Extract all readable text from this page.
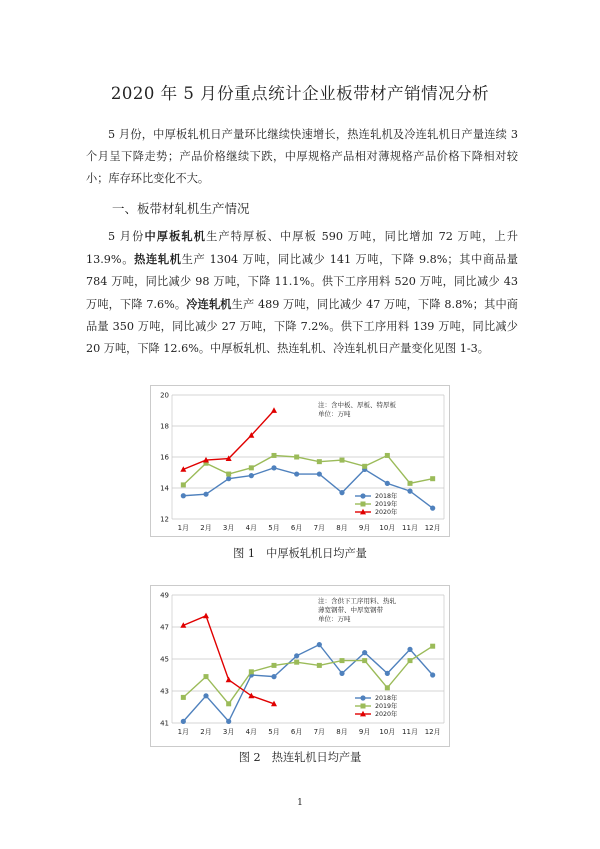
2020 年 5 月份重点统计企业板带材产销情况分析

5 月份，中厚板轧机日产量环比继续快速增长，热连轧机及冷连轧机日产量连续 3 个月呈下降走势；产品价格继续下跌，中厚规格产品相对薄规格产品价格下降相对较小；库存环比变化不大。

一、板带材轧机生产情况

5 月份中厚板轧机生产特厚板、中厚板 590 万吨，同比增加 72 万吨，上升 13.9%。热连轧机生产 1304 万吨，同比减少 141 万吨，下降 9.8%；其中商品量 784 万吨，同比减少 98 万吨，下降 11.1%。供下工序用料 520 万吨，同比减少 43 万吨，下降 7.6%。冷连轧机生产 489 万吨，同比减少 47 万吨，下降 8.8%；其中商品量 350 万吨，同比减少 27 万吨，下降 7.2%。供下工序用料 139 万吨，同比减少 20 万吨，下降 12.6%。中厚板轧机、热连轧机、冷连轧机日产量变化见图 1-3。

12
14
16
18
20
1月 2月 3月 4月 5月 6月 7月 8月 9月 10月 11月 12月
注：含中板、厚板、特厚板
单位：万吨
2018年
2019年
2020年
图 1　中厚板轧机日均产量
41
43
45
47
49
1月 2月 3月 4月 5月 6月 7月 8月 9月 10月 11月 12月
注：含供下工序用料、热轧
薄宽钢带、中厚宽钢带
单位：万吨
2018年
2019年
2020年
图 2　热连轧机日均产量
1
